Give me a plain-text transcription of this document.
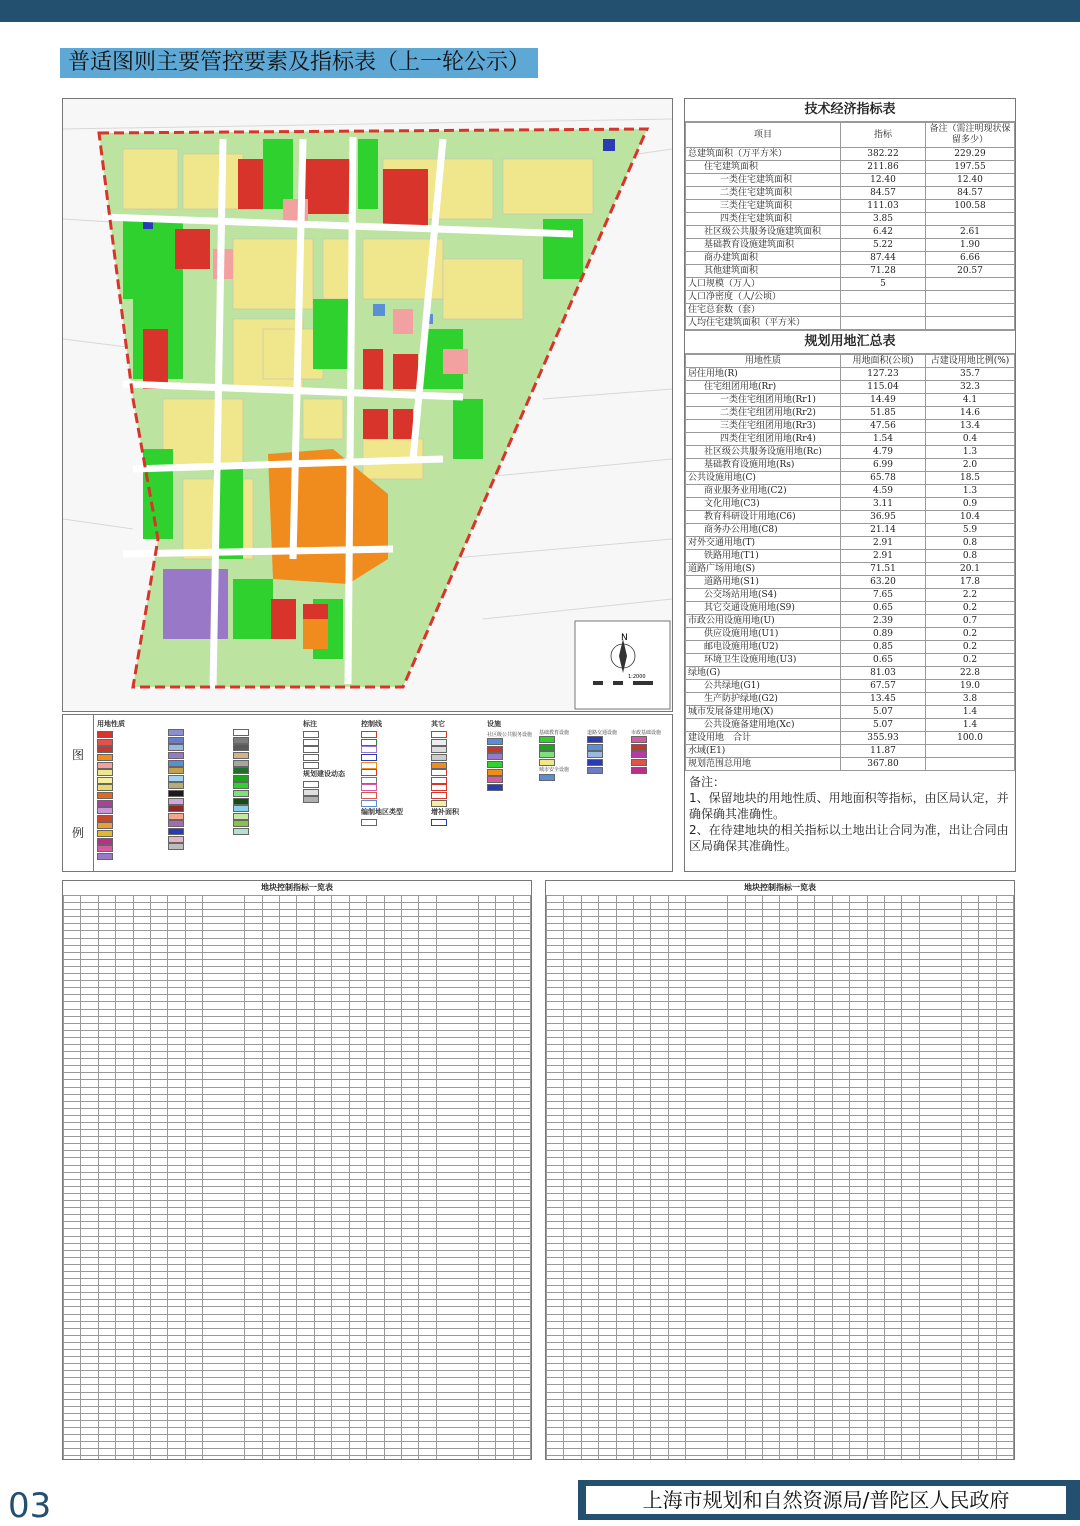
普适图则主要管控要素及指标表（上一轮公示）
N
1:2000
图
例
用地性质

	标注
规划建设动态
控制线
编制地区类型
其它
增补面积
设施
社区级公共服务设施
基础教育设施
城市安全设施

道路交通设施
	市政基础设施
技术经济指标表
项目	指标	备注（需注明现状保留多少）
总建筑面积（万平方米）	382.22	229.29
住宅建筑面积	211.86	197.55
一类住宅建筑面积	12.40	12.40
二类住宅建筑面积	84.57	84.57
三类住宅建筑面积	111.03	100.58
四类住宅建筑面积	3.85	
社区级公共服务设施建筑面积	6.42	2.61
基础教育设施建筑面积	5.22	1.90
商办建筑面积	87.44	6.66
其他建筑面积	71.28	20.57
人口规模（万人）	5	
人口净密度（人/公顷）		
住宅总套数（套）		
人均住宅建筑面积（平方米）		
规划用地汇总表
用地性质	用地面积(公顷)	占建设用地比例(%)
居住用地(R)	127.23	35.7
住宅组团用地(Rr)	115.04	32.3
一类住宅组团用地(Rr1)	14.49	4.1
二类住宅组团用地(Rr2)	51.85	14.6
三类住宅组团用地(Rr3)	47.56	13.4
四类住宅组团用地(Rr4)	1.54	0.4
社区级公共服务设施用地(Rc)	4.79	1.3
基础教育设施用地(Rs)	6.99	2.0
公共设施用地(C)	65.78	18.5
商业服务业用地(C2)	4.59	1.3
文化用地(C3)	3.11	0.9
教育科研设计用地(C6)	36.95	10.4
商务办公用地(C8)	21.14	5.9
对外交通用地(T)	2.91	0.8
铁路用地(T1)	2.91	0.8
道路广场用地(S)	71.51	20.1
道路用地(S1)	63.20	17.8
公交场站用地(S4)	7.65	2.2
其它交通设施用地(S9)	0.65	0.2
市政公用设施用地(U)	2.39	0.7
供应设施用地(U1)	0.89	0.2
邮电设施用地(U2)	0.85	0.2
环境卫生设施用地(U3)	0.65	0.2
绿地(G)	81.03	22.8
公共绿地(G1)	67.57	19.0
生产防护绿地(G2)	13.45	3.8
城市发展备建用地(X)	5.07	1.4
公共设施备建用地(Xc)	5.07	1.4
建设用地　合计	355.93	100.0
水域(E1)	11.87	
规划范围总用地	367.80	
备注：
1、保留地块的用地性质、用地面积等指标，由区局认定，并确保确其准确性。
2、在待建地块的相关指标以土地出让合同为准，出让合同由区局确保其准确性。
地块控制指标一览表

																								地块控制指标一览表

03	上海市规划和自然资源局/普陀区人民政府
